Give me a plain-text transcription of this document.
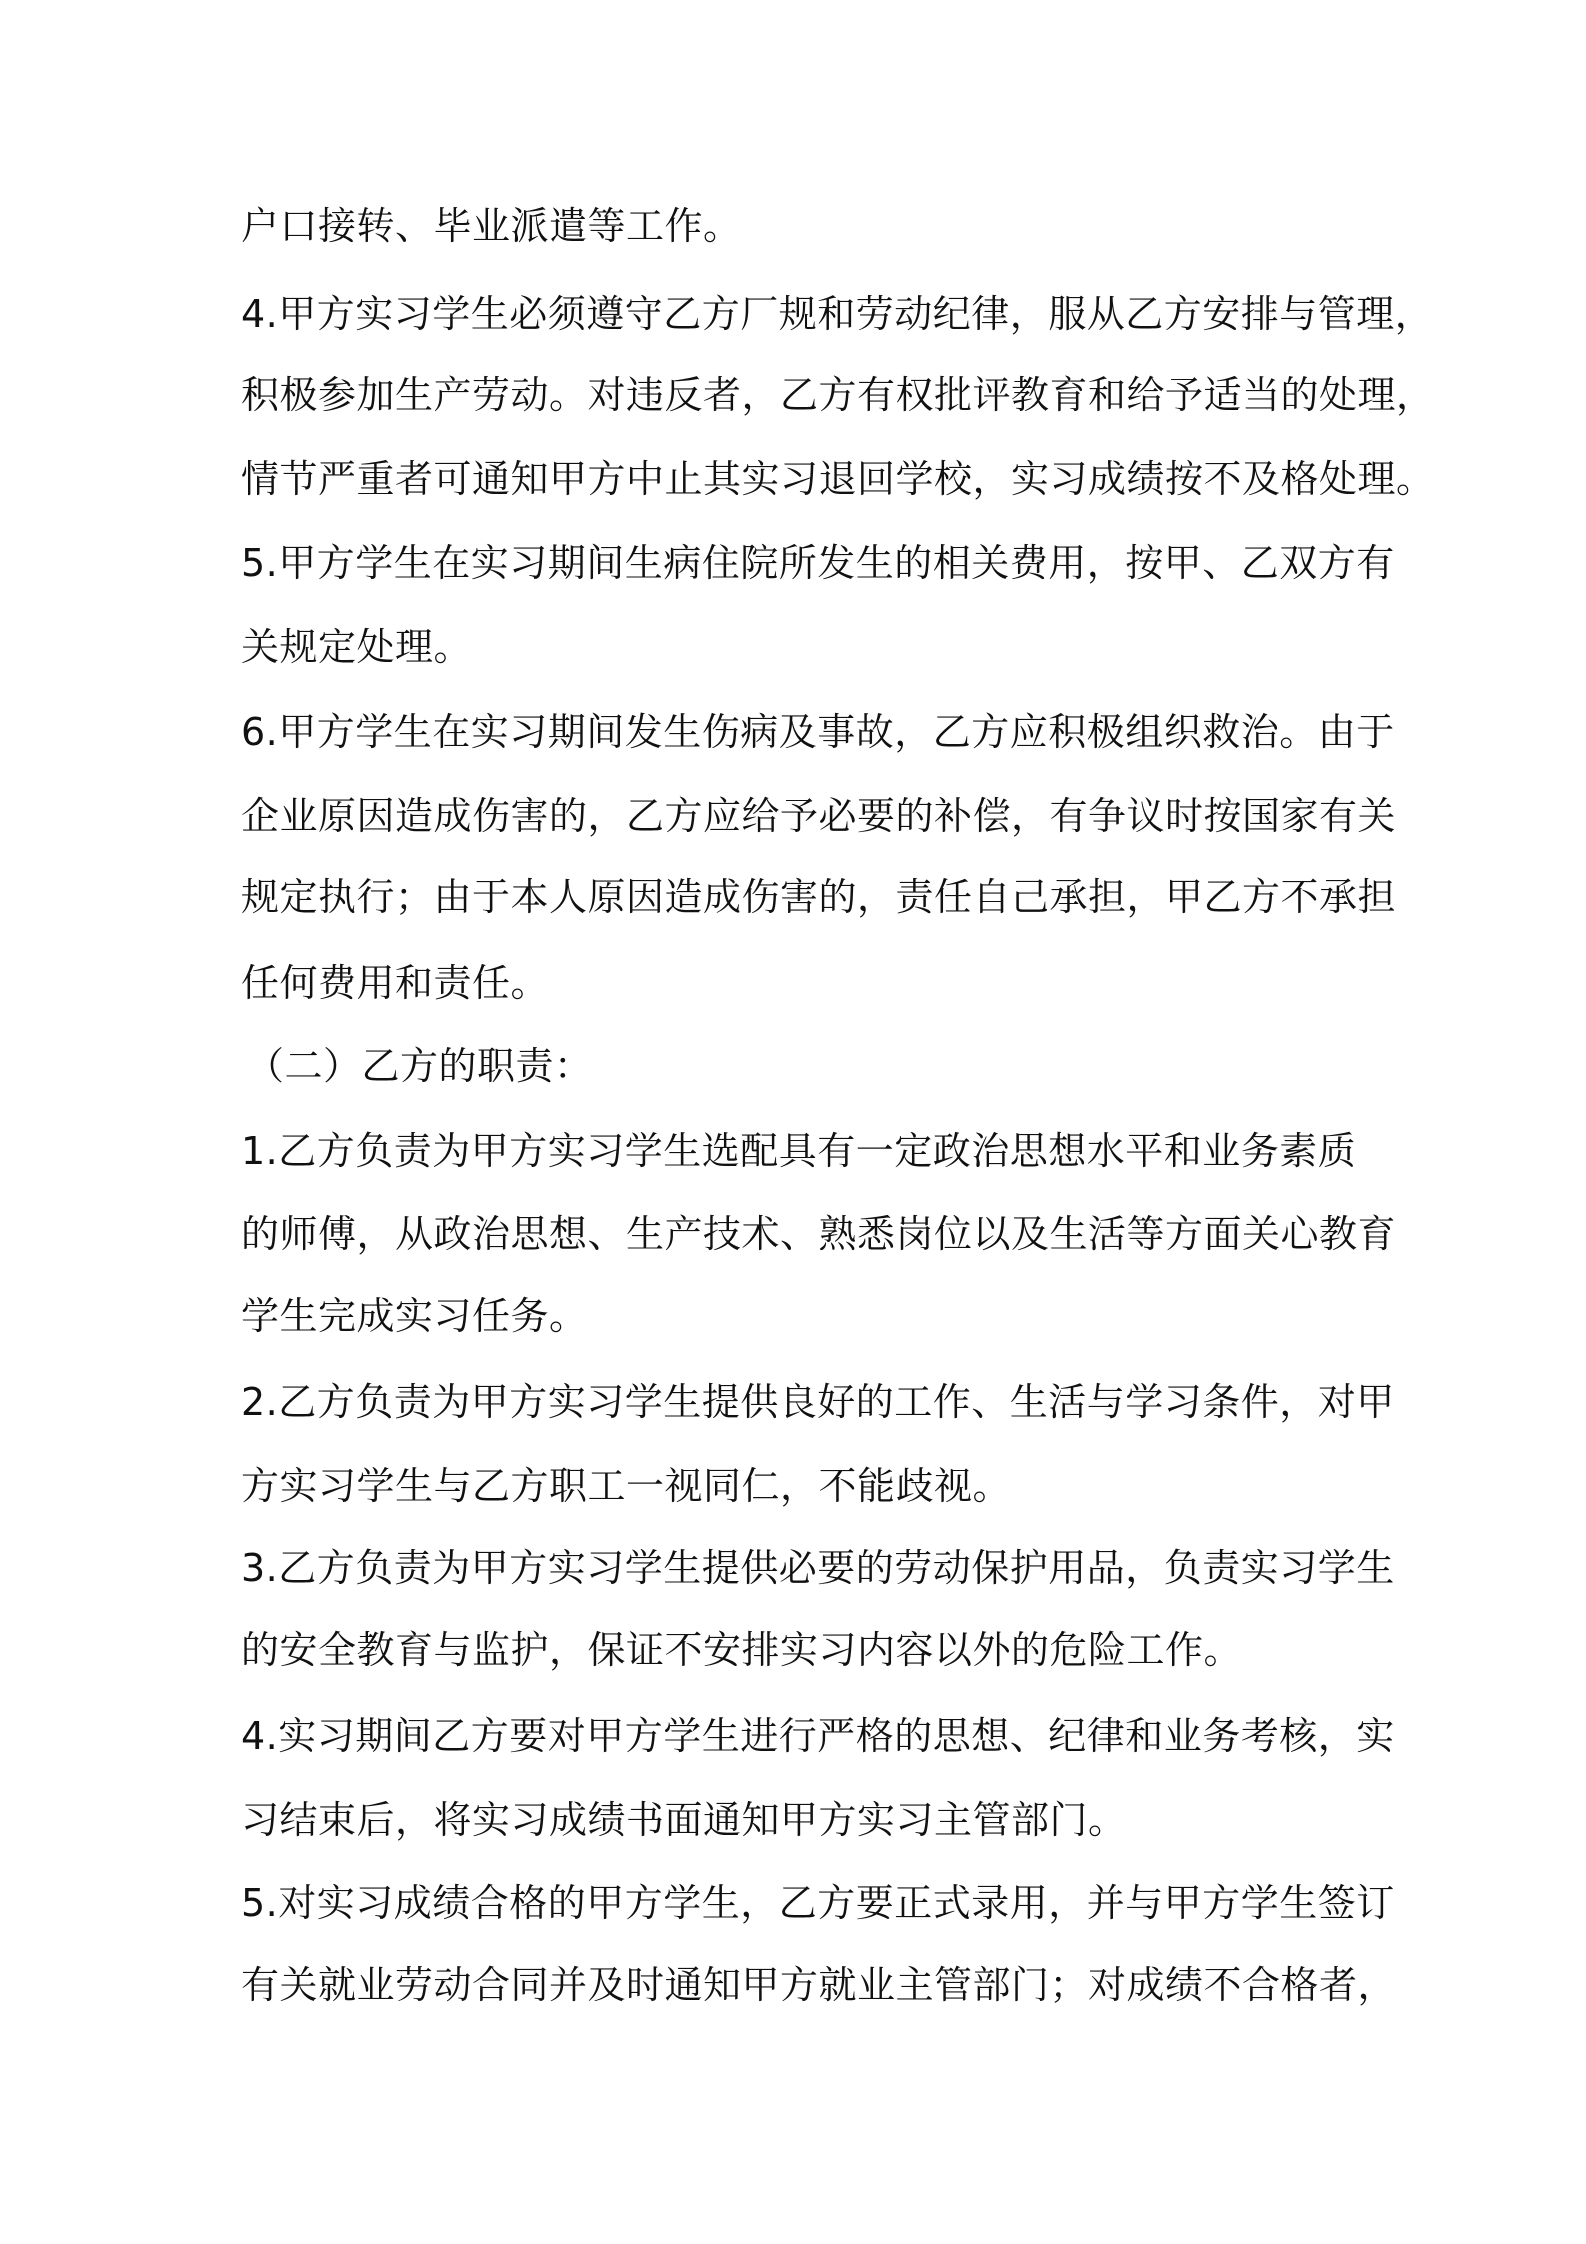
户口接转、毕业派遣等工作。
4.甲方实习学生必须遵守乙方厂规和劳动纪律，服从乙方安排与管理，
积极参加生产劳动。对违反者，乙方有权批评教育和给予适当的处理，
情节严重者可通知甲方中止其实习退回学校，实习成绩按不及格处理。
5.甲方学生在实习期间生病住院所发生的相关费用，按甲、乙双方有
关规定处理。
6.甲方学生在实习期间发生伤病及事故，乙方应积极组织救治。由于
企业原因造成伤害的，乙方应给予必要的补偿，有争议时按国家有关
规定执行；由于本人原因造成伤害的，责任自己承担，甲乙方不承担
任何费用和责任。
（二）乙方的职责：
1.乙方负责为甲方实习学生选配具有一定政治思想水平和业务素质
的师傅，从政治思想、生产技术、熟悉岗位以及生活等方面关心教育
学生完成实习任务。
2.乙方负责为甲方实习学生提供良好的工作、生活与学习条件，对甲
方实习学生与乙方职工一视同仁，不能歧视。
3.乙方负责为甲方实习学生提供必要的劳动保护用品，负责实习学生
的安全教育与监护，保证不安排实习内容以外的危险工作。
4.实习期间乙方要对甲方学生进行严格的思想、纪律和业务考核，实
习结束后，将实习成绩书面通知甲方实习主管部门。
5.对实习成绩合格的甲方学生，乙方要正式录用，并与甲方学生签订
有关就业劳动合同并及时通知甲方就业主管部门；对成绩不合格者，
